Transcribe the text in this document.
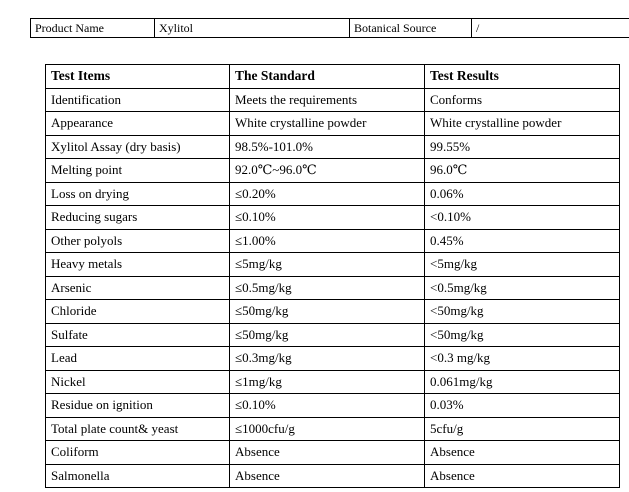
Product Name	Xylitol	Botanical Source	/
Test Items	The Standard	Test Results
Identification	Meets the requirements	Conforms
Appearance	White crystalline powder	White crystalline powder
Xylitol Assay (dry basis)	98.5%-101.0%	99.55%
Melting point	92.0℃~96.0℃	96.0℃
Loss on drying	≤0.20%	0.06%
Reducing sugars	≤0.10%	<0.10%
Other polyols	≤1.00%	0.45%
Heavy metals	≤5mg/kg	<5mg/kg
Arsenic	≤0.5mg/kg	<0.5mg/kg
Chloride	≤50mg/kg	<50mg/kg
Sulfate	≤50mg/kg	<50mg/kg
Lead	≤0.3mg/kg	<0.3 mg/kg
Nickel	≤1mg/kg	0.061mg/kg
Residue on ignition	≤0.10%	0.03%
Total plate count& yeast	≤1000cfu/g	5cfu/g
Coliform	Absence	Absence
Salmonella	Absence	Absence
